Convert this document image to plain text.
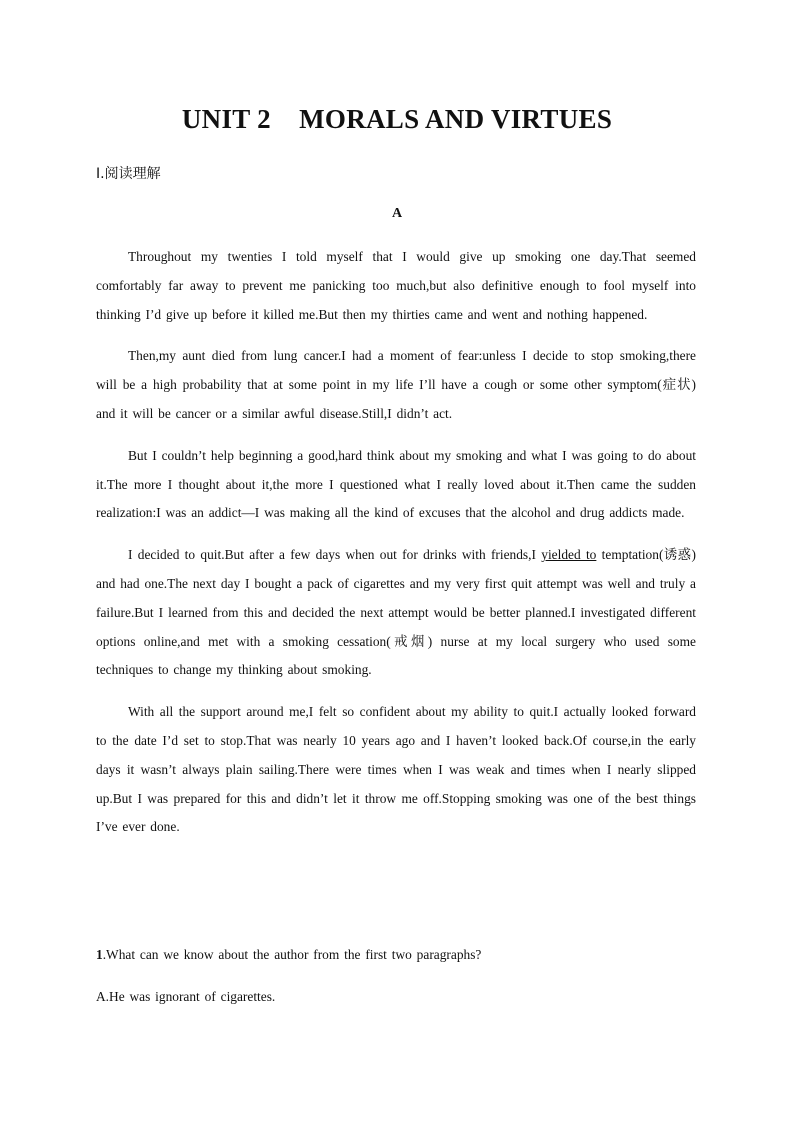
UNIT 2    MORALS AND VIRTUES
Ⅰ.阅读理解
A

Throughout my twenties I told myself that I would give up smoking one day.That seemed comfortably far away to prevent me panicking too much,but also definitive enough to fool myself into thinking I’d give up before it killed me.But then my thirties came and went and nothing happened.

Then,my aunt died from lung cancer.I had a moment of fear:unless I decide to stop smoking,there will be a high probability that at some point in my life I’ll have a cough or some other symptom(症状) and it will be cancer or a similar awful disease.Still,I didn’t act.

But I couldn’t help beginning a good,hard think about my smoking and what I was going to do about it.The more I thought about it,the more I questioned what I really loved about it.Then came the sudden realization:I was an addict—I was making all the kind of excuses that the alcohol and drug addicts made.

I decided to quit.But after a few days when out for drinks with friends,I yielded to temptation(诱惑) and had one.The next day I bought a pack of cigarettes and my very first quit attempt was well and truly a failure.But I learned from this and decided the next attempt would be better planned.I investigated different options online,and met with a smoking cessation(戒烟) nurse at my local surgery who used some techniques to change my thinking about smoking.

With all the support around me,I felt so confident about my ability to quit.I actually looked forward to the date I’d set to stop.That was nearly 10 years ago and I haven’t looked back.Of course,in the early days it wasn’t always plain sailing.There were times when I was weak and times when I nearly slipped up.But I was prepared for this and didn’t let it throw me off.Stopping smoking was one of the best things I’ve ever done.

1.What can we know about the author from the first two paragraphs?
A.He was ignorant of cigarettes.
